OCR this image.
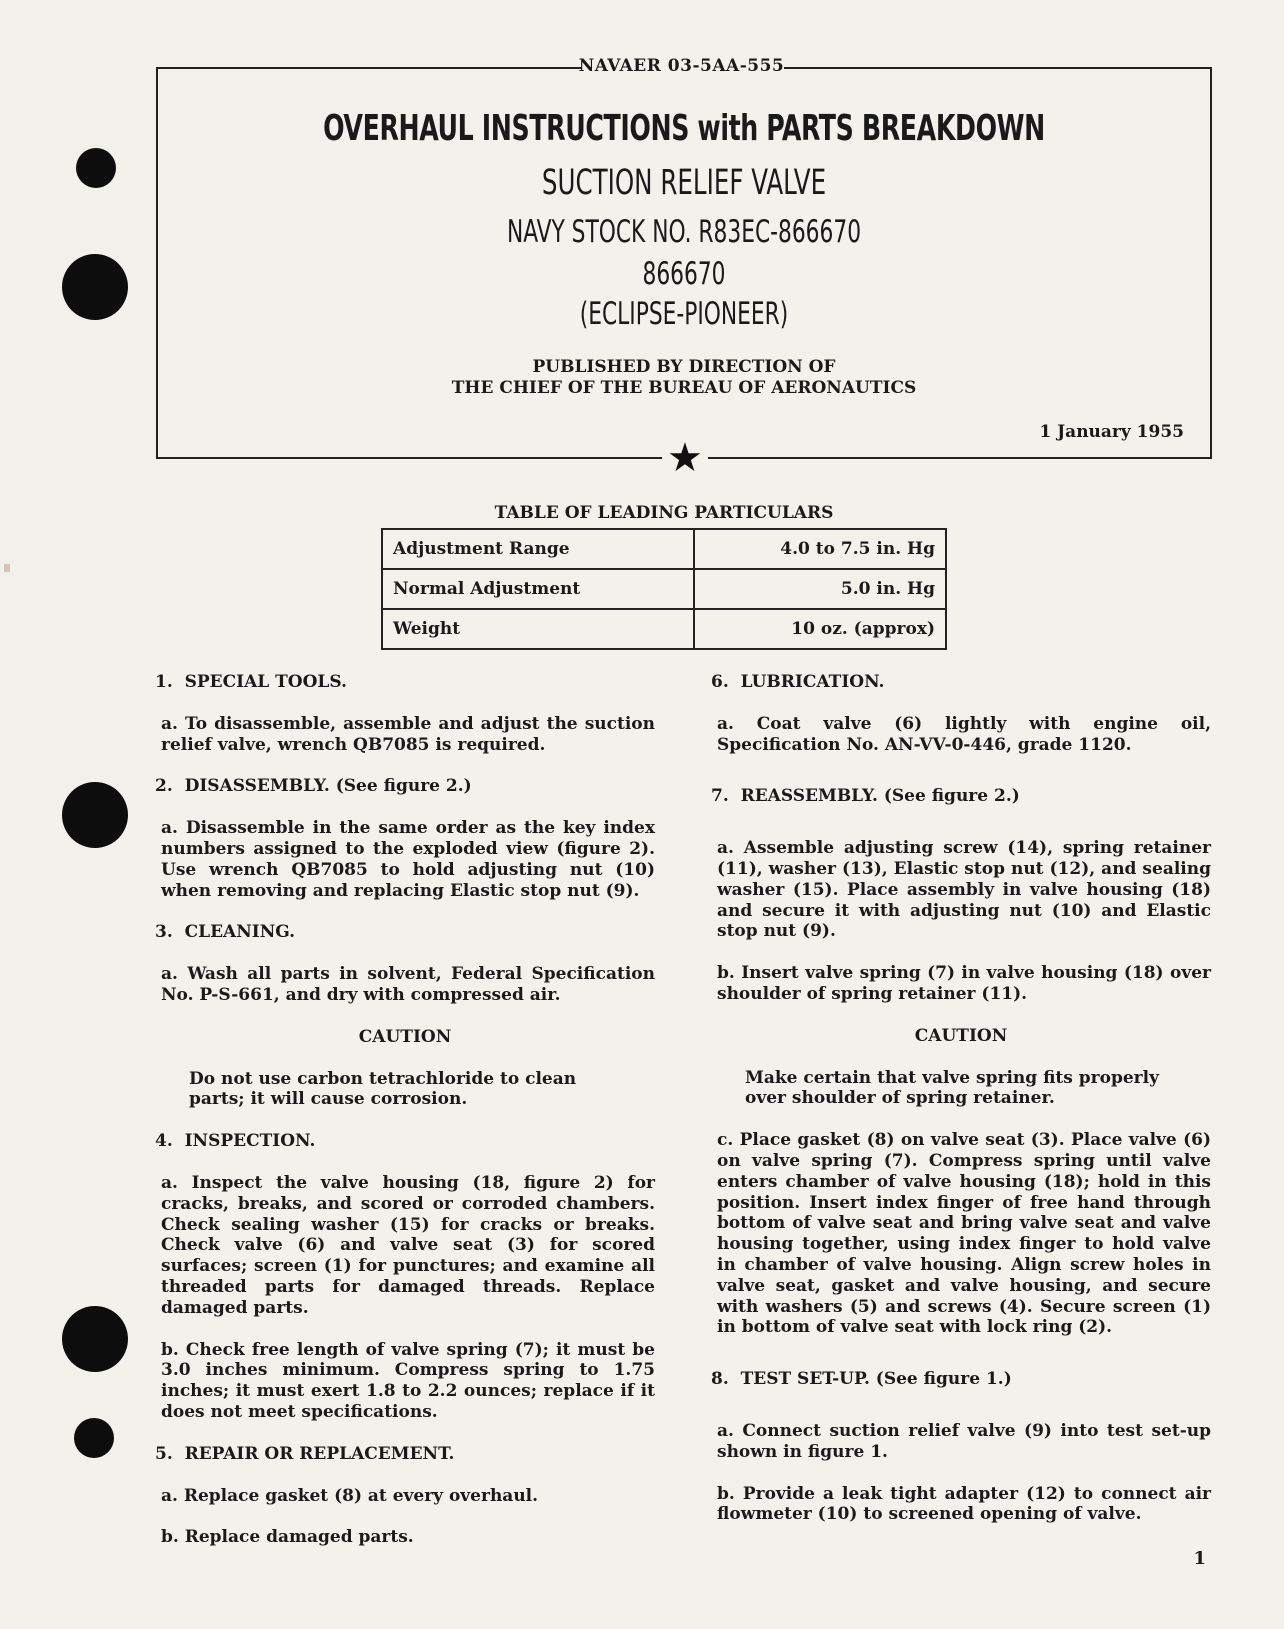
NAVAER 03-5AA-555
★
OVERHAUL INSTRUCTIONS with PARTS BREAKDOWN
SUCTION RELIEF VALVE
NAVY STOCK NO. R83EC-866670
866670
(ECLIPSE-PIONEER)
PUBLISHED BY DIRECTION OF
THE CHIEF OF THE BUREAU OF AERONAUTICS
1 January 1955
TABLE OF LEADING PARTICULARS
Adjustment Range	4.0 to 7.5 in. Hg
Normal Adjustment	5.0 in. Hg
Weight	10 oz. (approx)

1.  SPECIAL TOOLS.

a. To disassemble, assemble and adjust the suction relief valve, wrench QB7085 is required.

2.  DISASSEMBLY. (See figure 2.)

a. Disassemble in the same order as the key index numbers assigned to the exploded view (figure 2). Use wrench QB7085 to hold adjusting nut (10) when removing and replacing Elastic stop nut (9).

3.  CLEANING.

a. Wash all parts in solvent, Federal Specification No. P-S-661, and dry with compressed air.

CAUTION

Do not use carbon tetrachloride to clean parts; it will cause corrosion.

4.  INSPECTION.

a. Inspect the valve housing (18, figure 2) for cracks, breaks, and scored or corroded chambers. Check sealing washer (15) for cracks or breaks. Check valve (6) and valve seat (3) for scored surfaces; screen (1) for punctures; and examine all threaded parts for damaged threads. Replace damaged parts.

b. Check free length of valve spring (7); it must be 3.0 inches minimum. Compress spring to 1.75 inches; it must exert 1.8 to 2.2 ounces; replace if it does not meet specifications.

5.  REPAIR OR REPLACEMENT.

a. Replace gasket (8) at every overhaul.

b. Replace damaged parts.

6.  LUBRICATION.

a. Coat valve (6) lightly with engine oil, Specification No. AN-VV-0-446, grade 1120.

7.  REASSEMBLY. (See figure 2.)

a. Assemble adjusting screw (14), spring retainer (11), washer (13), Elastic stop nut (12), and sealing washer (15). Place assembly in valve housing (18) and secure it with adjusting nut (10) and Elastic stop nut (9).

b. Insert valve spring (7) in valve housing (18) over shoulder of spring retainer (11).

CAUTION

Make certain that valve spring fits properly over shoulder of spring retainer.

c. Place gasket (8) on valve seat (3). Place valve (6) on valve spring (7). Compress spring until valve enters chamber of valve housing (18); hold in this position. Insert index finger of free hand through bottom of valve seat and bring valve seat and valve housing together, using index finger to hold valve in chamber of valve housing. Align screw holes in valve seat, gasket and valve housing, and secure with washers (5) and screws (4). Secure screen (1) in bottom of valve seat with lock ring (2).

8.  TEST SET-UP. (See figure 1.)

a. Connect suction relief valve (9) into test set-up shown in figure 1.

b. Provide a leak tight adapter (12) to connect air flowmeter (10) to screened opening of valve.

1
